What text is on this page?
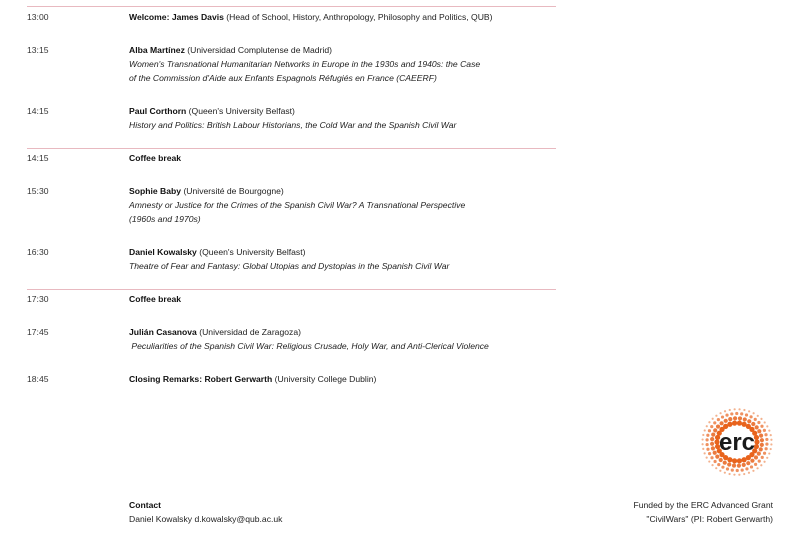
13:00	Welcome: James Davis (Head of School, History, Anthropology, Philosophy and Politics, QUB)
13:15	Alba Martínez (Universidad Complutense de Madrid)
Women's Transnational Humanitarian Networks in Europe in the 1930s and 1940s: the Case
of the Commission d'Aide aux Enfants Espagnols Réfugiés en France (CAEERF)
14:15	Paul Corthorn (Queen's University Belfast)
History and Politics: British Labour Historians, the Cold War and the Spanish Civil War
14:15	Coffee break
15:30	Sophie Baby (Université de Bourgogne)
Amnesty or Justice for the Crimes of the Spanish Civil War? A Transnational Perspective
(1960s and 1970s)
16:30	Daniel Kowalsky (Queen's University Belfast)
Theatre of Fear and Fantasy: Global Utopias and Dystopias in the Spanish Civil War
17:30	Coffee break
17:45	Julián Casanova (Universidad de Zaragoza)
Peculiarities of the Spanish Civil War: Religious Crusade, Holy War, and Anti-Clerical Violence
18:45	Closing Remarks: Robert Gerwarth (University College Dublin)
erc
Contact
Daniel Kowalsky d.kowalsky@qub.ac.uk
Funded by the ERC Advanced Grant
"CivilWars" (PI: Robert Gerwarth)
